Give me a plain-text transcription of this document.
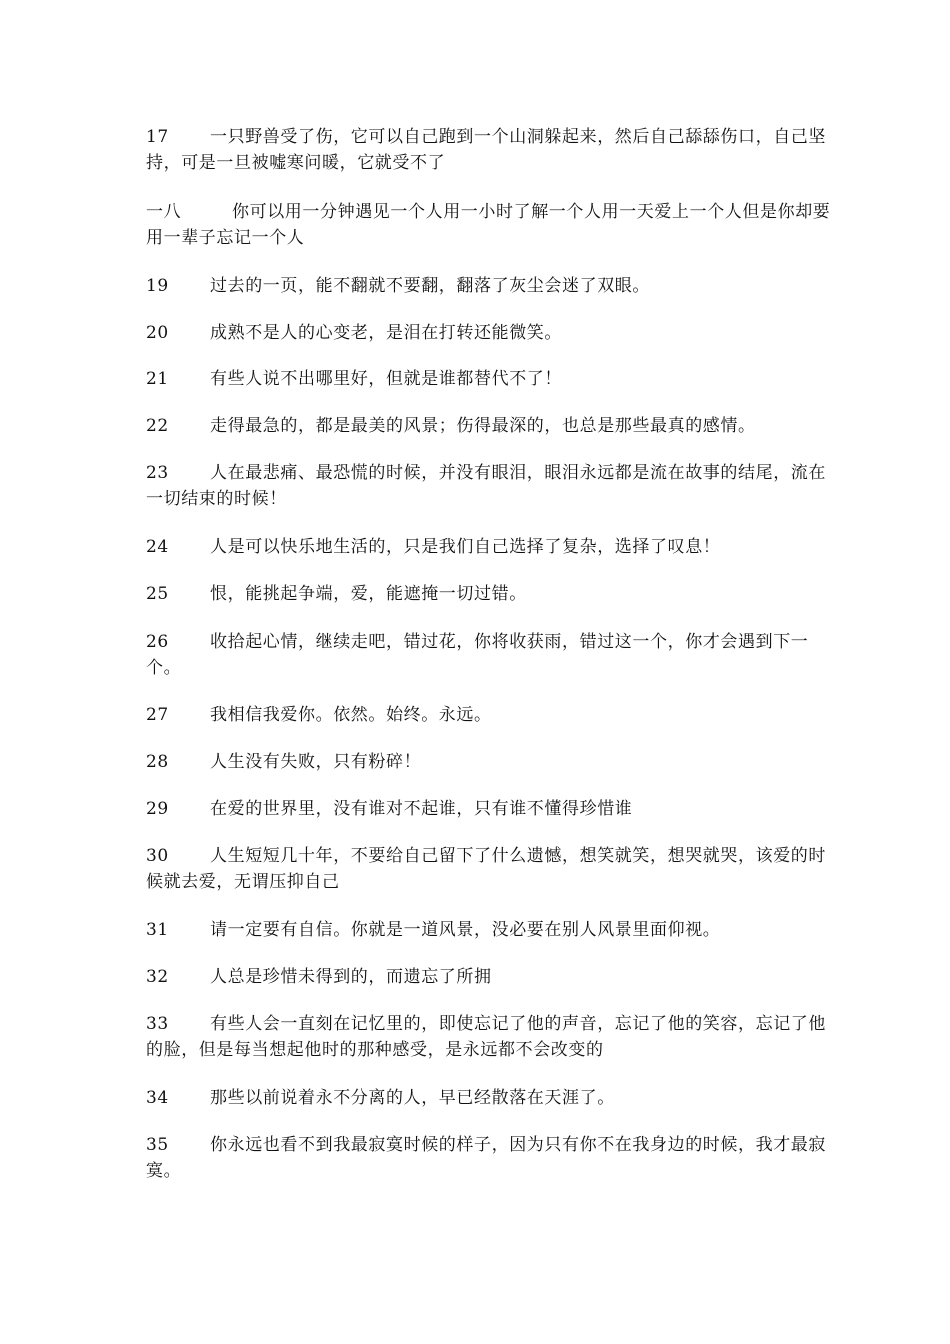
17 一只野兽受了伤，它可以自己跑到一个山洞躲起来，然后自己舔舔伤口，自己坚持，可是一旦被嘘寒问暖，它就受不了

一八	你可以用一分钟遇见一个人用一小时了解一个人用一天爱上一个人但是你却要用一辈子忘记一个人

19 过去的一页，能不翻就不要翻，翻落了灰尘会迷了双眼。

20 成熟不是人的心变老，是泪在打转还能微笑。

21 有些人说不出哪里好，但就是谁都替代不了！

22 走得最急的，都是最美的风景；伤得最深的，也总是那些最真的感情。

23 人在最悲痛、最恐慌的时候，并没有眼泪，眼泪永远都是流在故事的结尾，流在一切结束的时候！

24 人是可以快乐地生活的，只是我们自己选择了复杂，选择了叹息！

25 恨，能挑起争端，爱，能遮掩一切过错。

26 收拾起心情，继续走吧，错过花，你将收获雨，错过这一个，你才会遇到下一个。

27 我相信我爱你。依然。始终。永远。

28 人生没有失败，只有粉碎！

29 在爱的世界里，没有谁对不起谁，只有谁不懂得珍惜谁

30 人生短短几十年，不要给自己留下了什么遗憾，想笑就笑，想哭就哭，该爱的时候就去爱，无谓压抑自己

31 请一定要有自信。你就是一道风景，没必要在别人风景里面仰视。

32 人总是珍惜未得到的，而遗忘了所拥

33 有些人会一直刻在记忆里的，即使忘记了他的声音，忘记了他的笑容，忘记了他的脸，但是每当想起他时的那种感受，是永远都不会改变的

34 那些以前说着永不分离的人，早已经散落在天涯了。

35 你永远也看不到我最寂寞时候的样子，因为只有你不在我身边的时候，我才最寂寞。
